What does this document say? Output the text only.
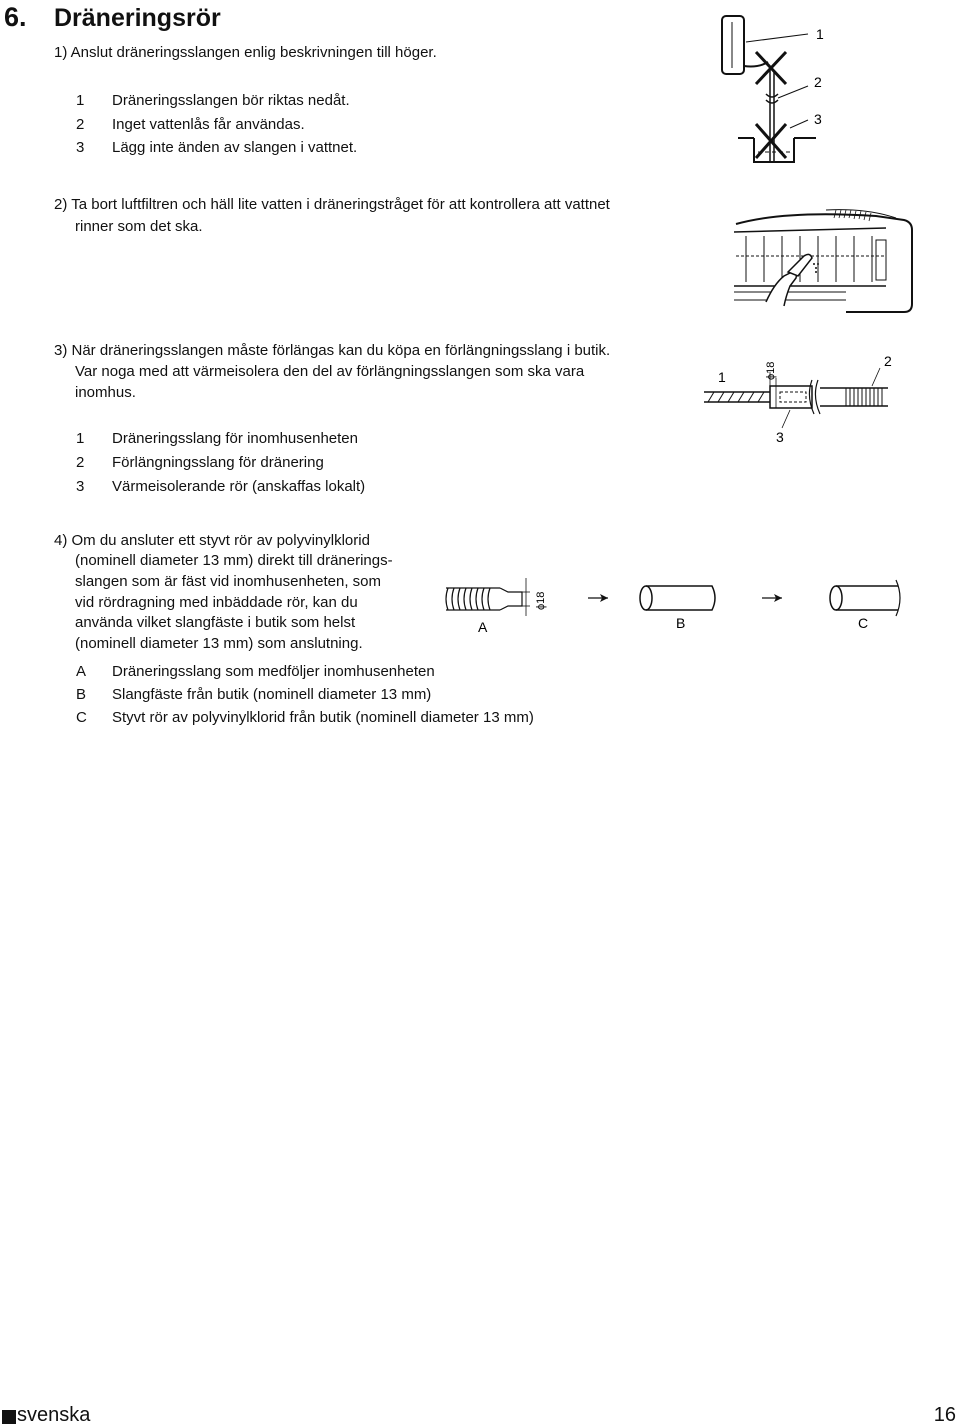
6. Dräneringsrör
1) Anslut dräneringsslangen enlig beskrivningen till höger.
1	Dräneringsslangen bör riktas nedåt.
2	Inget vattenlås får användas.
3	Lägg inte änden av slangen i vattnet.
1
2
3
2) Ta bort luftfiltren och häll lite vatten i dräneringstråget för att kontrollera att vattnet
rinner som det ska.
3) När dräneringsslangen måste förlängas kan du köpa en förlängningsslang i butik.
Var noga med att värmeisolera den del av förlängningsslangen som ska vara
inomhus.
1	Dräneringsslang för inomhusenheten
2	Förlängningsslang för dränering
3	Värmeisolerande rör (anskaffas lokalt)
ϕ18
1
2
3
4) Om du ansluter ett styvt rör av polyvinylklorid
(nominell diameter 13 mm) direkt till dränerings-
slangen som är fäst vid inomhusenheten, som
vid rördragning med inbäddade rör, kan du
använda vilket slangfäste i butik som helst
(nominell diameter 13 mm) som anslutning.
A	Dräneringsslang som medföljer inomhusenheten
B	Slangfäste från butik (nominell diameter 13 mm)
C	Styvt rör av polyvinylklorid från butik (nominell diameter 13 mm)
ϕ18
A	B	C
svenska	16
